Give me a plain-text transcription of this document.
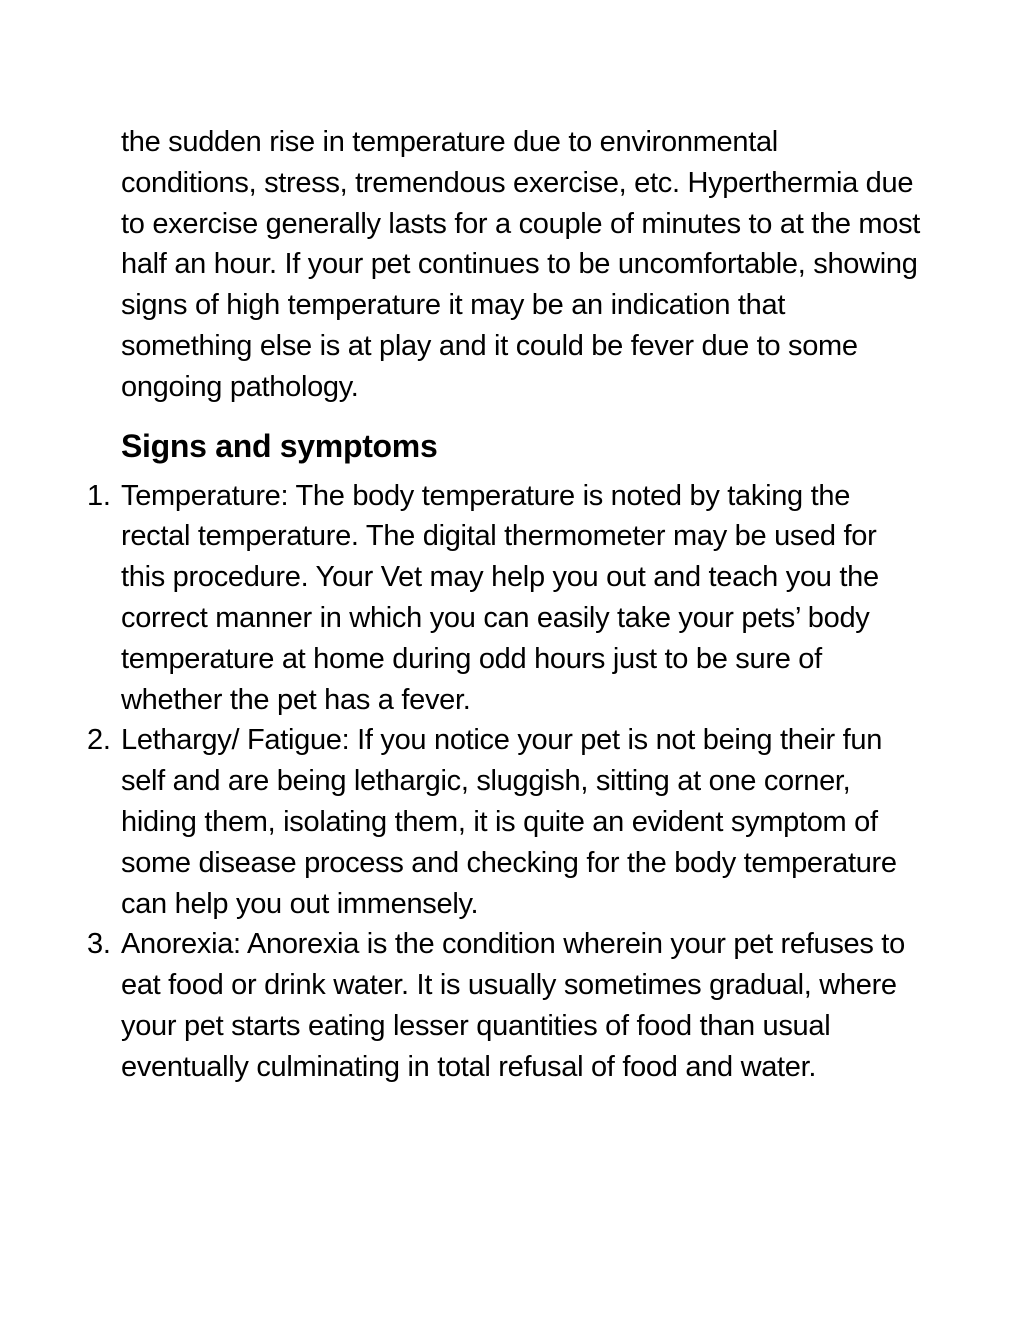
the sudden rise in temperature due to environmental conditions, stress, tremendous exercise, etc. Hyperthermia due to exercise generally lasts for a couple of minutes to at the most half an hour. If your pet continues to be uncomfortable, showing signs of high temperature it may be an indication that something else is at play and it could be fever due to some ongoing pathology.

Signs and symptoms
1. Temperature: The body temperature is noted by taking the rectal temperature. The digital thermometer may be used for this procedure. Your Vet may help you out and teach you the correct manner in which you can easily take your pets’ body temperature at home during odd hours just to be sure of whether the pet has a fever.
2. Lethargy/ Fatigue: If you notice your pet is not being their fun self and are being lethargic, sluggish, sitting at one corner, hiding them, isolating them, it is quite an evident symptom of some disease process and checking for the body temperature can help you out immensely.
3. Anorexia: Anorexia is the condition wherein your pet refuses to eat food or drink water. It is usually sometimes gradual, where your pet starts eating lesser quantities of food than usual eventually culminating in total refusal of food and water.
